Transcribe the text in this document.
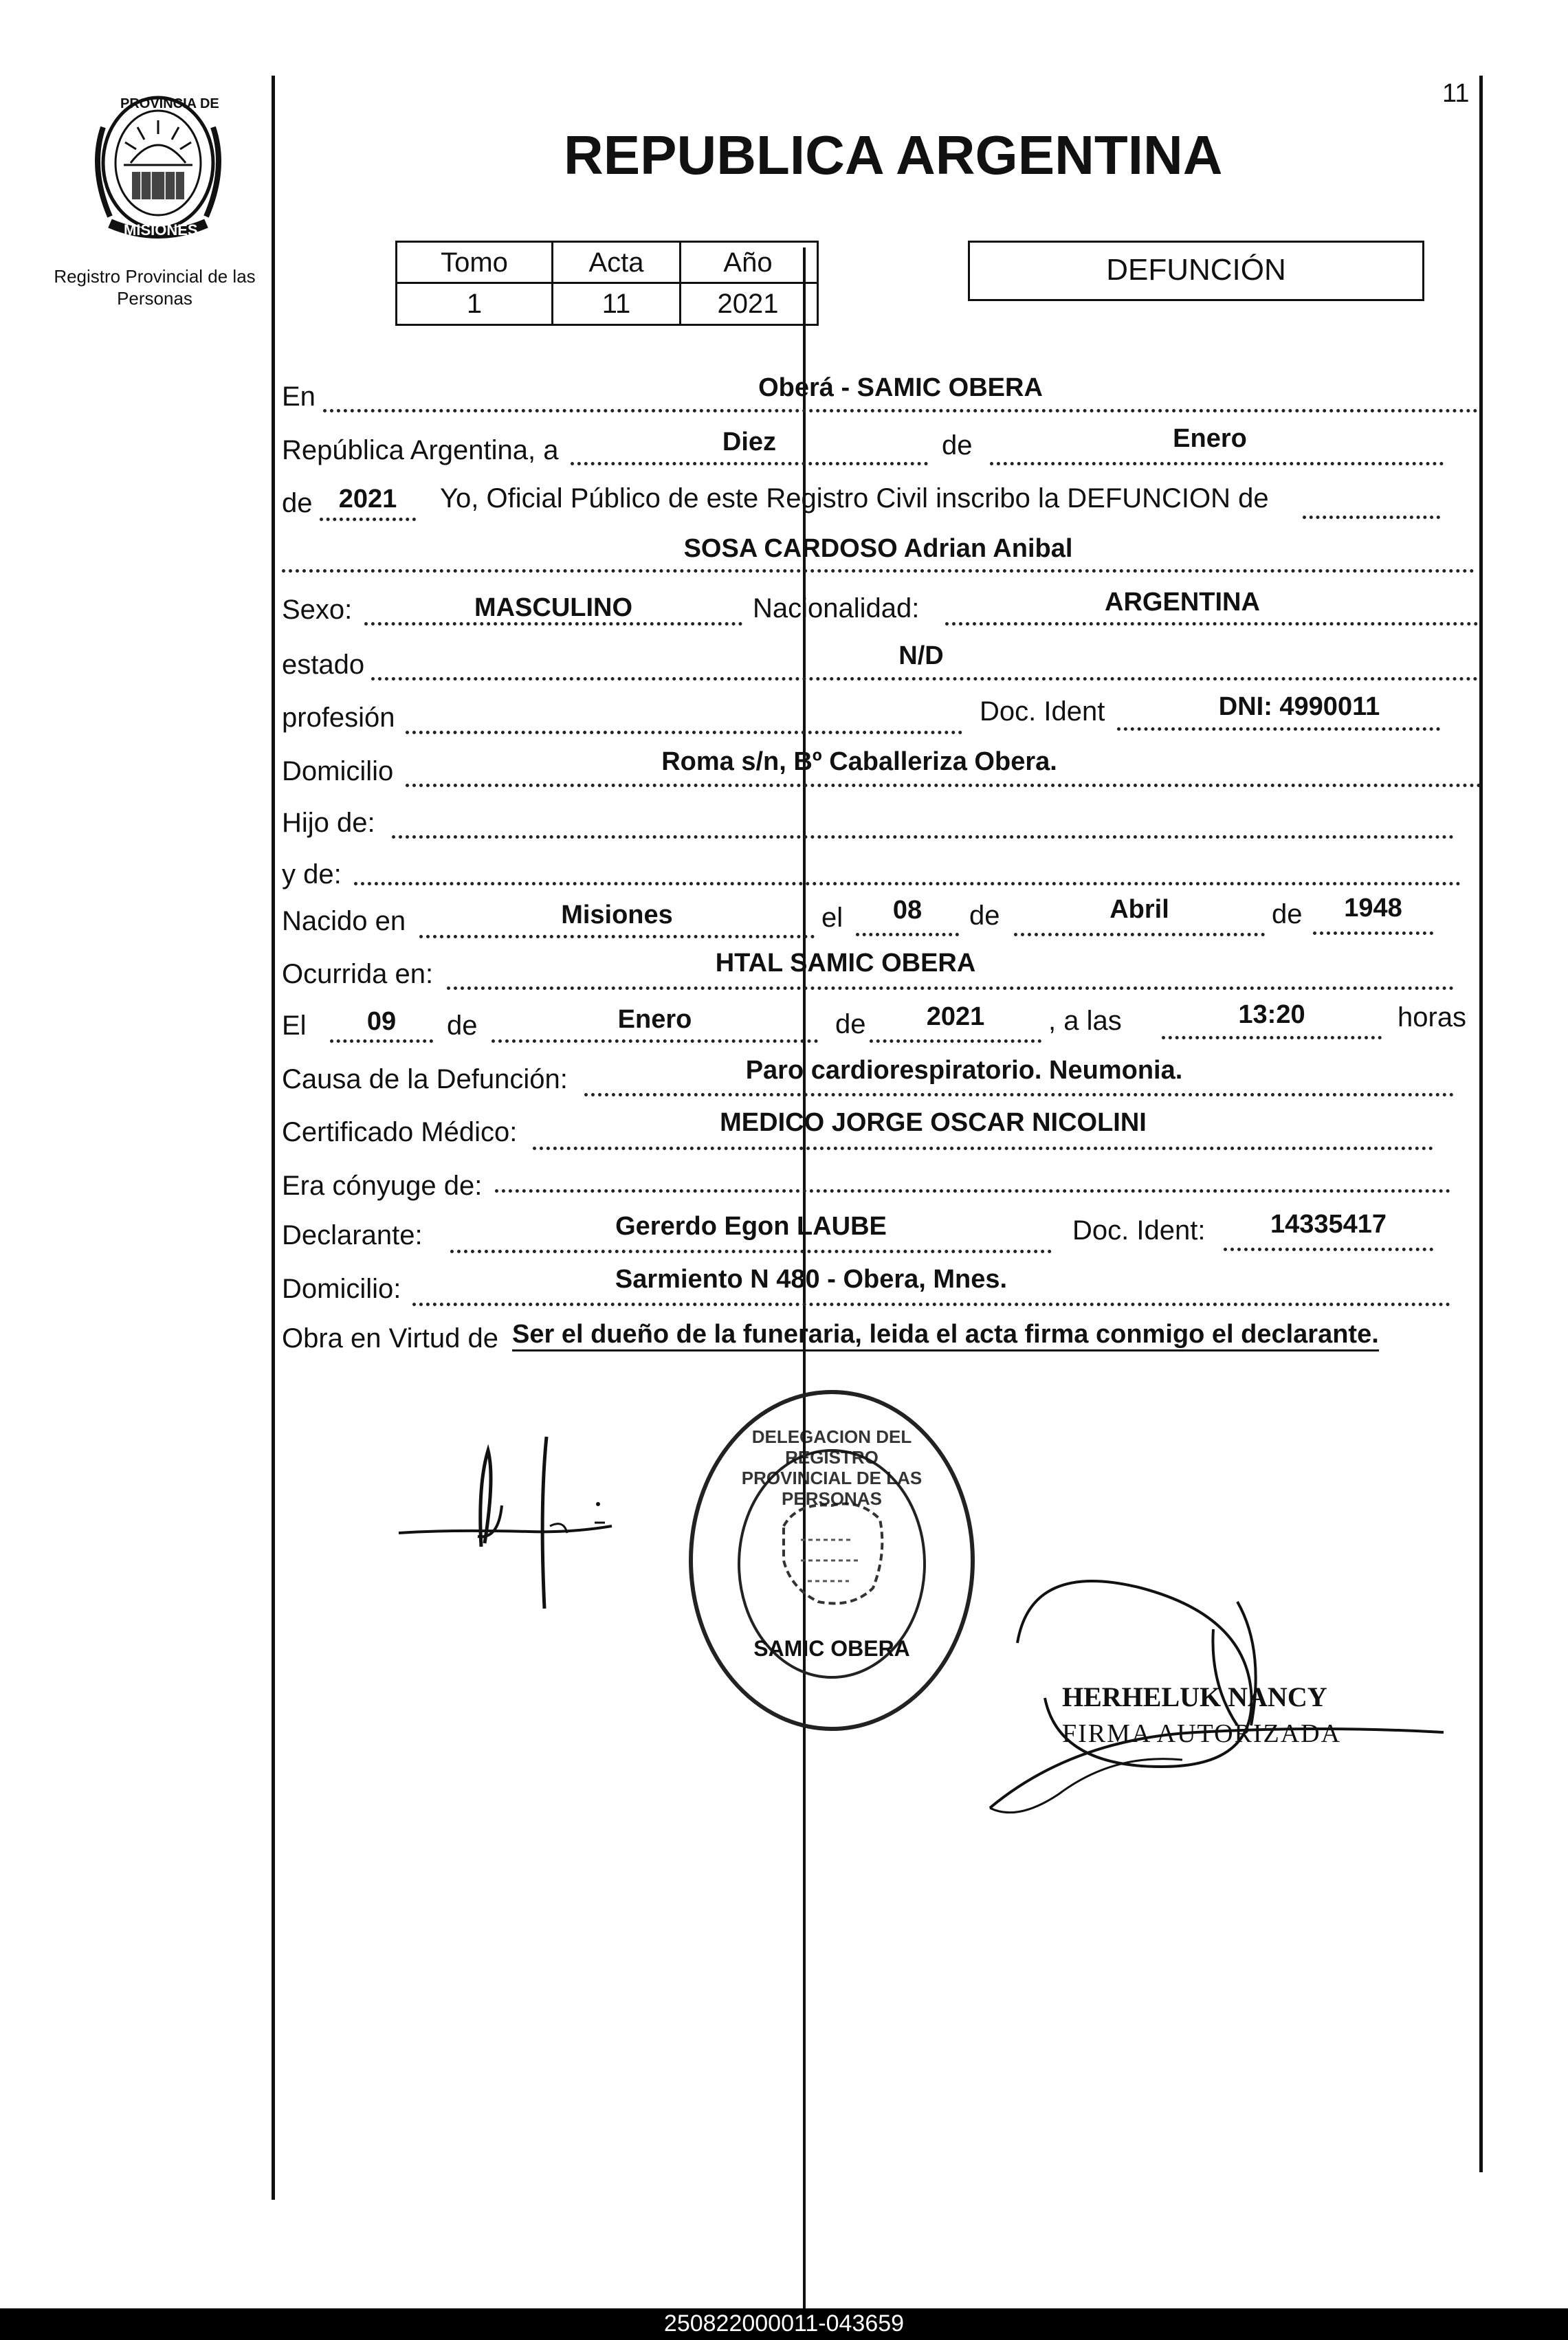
PROVINCIA DE
MISIONES
Registro Provincial de las Personas
11
REPUBLICA ARGENTINA
Tomo	Acta	Año
1	11	2021
DEFUNCIÓN
En	Oberá - SAMIC OBERA
República Argentina, a	Diez	de	Enero
de	2021	Yo, Oficial Público de este Registro Civil inscribo la DEFUNCION de
SOSA CARDOSO Adrian Anibal
Sexo:	MASCULINO	Nacionalidad:	ARGENTINA
estado	N/D
profesión	Doc. Ident	DNI: 4990011
Domicilio	Roma s/n, Bº Caballeriza Obera.
Hijo de:
y de:
Nacido en	Misiones	el	08	de	Abril	de	1948
Ocurrida en:	HTAL SAMIC OBERA
El	09	de	Enero	de	2021	, a las	13:20	horas
Causa de la Defunción:	Paro cardiorespiratorio. Neumonia.
Certificado Médico:	MEDICO JORGE OSCAR NICOLINI
Era cónyuge de:
Declarante:	Gererdo Egon LAUBE	Doc. Ident:	14335417
Domicilio:	Sarmiento N 480 - Obera, Mnes.
Obra en Virtud de Ser el dueño de la funeraria, leida el acta firma conmigo el declarante.
DELEGACION DEL REGISTRO PROVINCIAL DE LAS PERSONAS
SAMIC OBERA
HERHELUK NANCY
FIRMA AUTORIZADA
250822000011-043659
